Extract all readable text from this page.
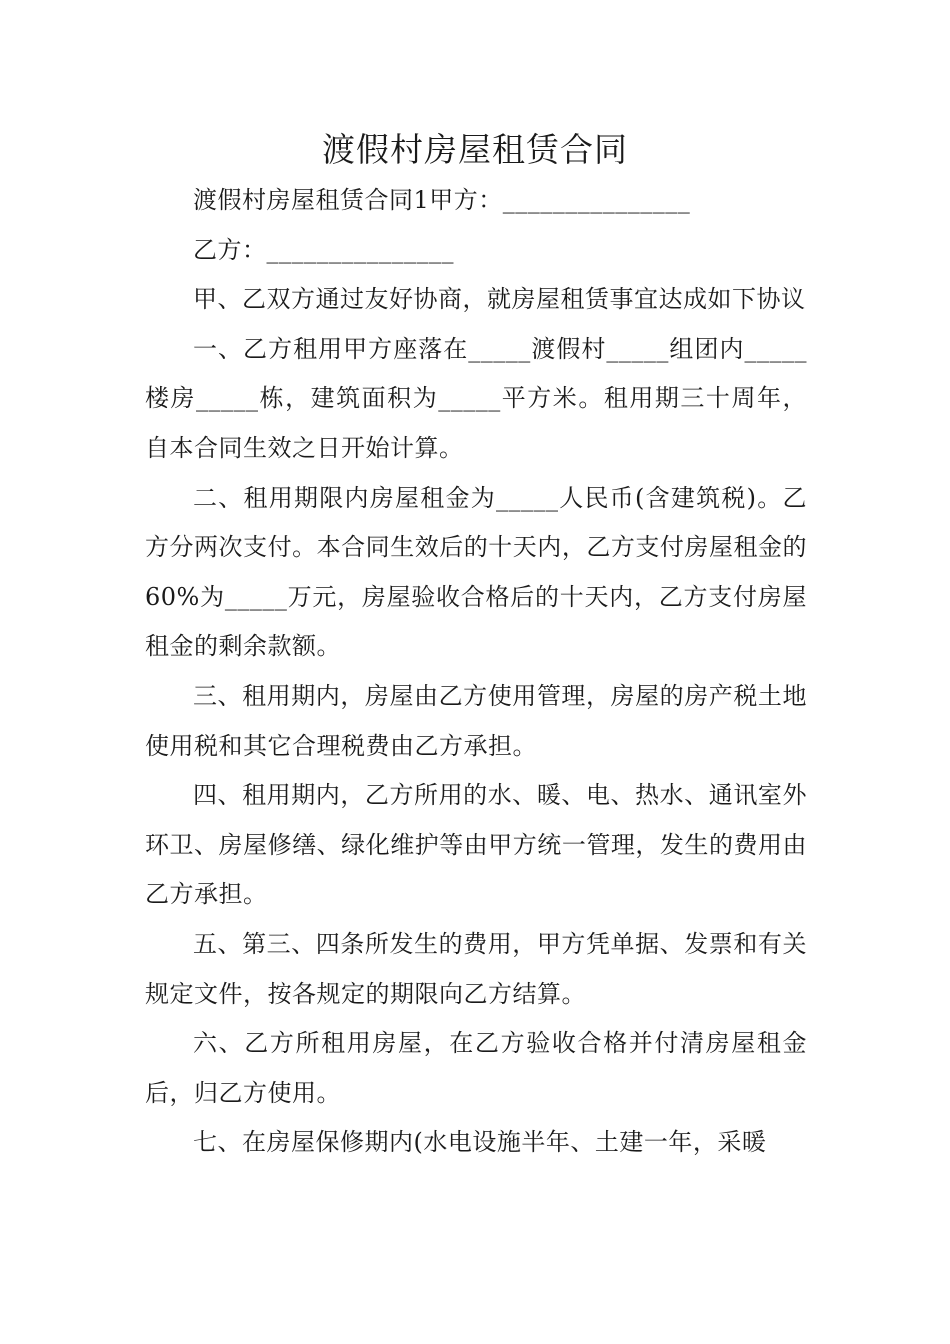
渡假村房屋租赁合同

渡假村房屋租赁合同1甲方：_______________

乙方：_______________

甲、乙双方通过友好协商，就房屋租赁事宜达成如下协议

一、乙方租用甲方座落在_____渡假村_____组团内_____楼房_____栋，建筑面积为_____平方米。租用期三十周年，自本合同生效之日开始计算。

二、租用期限内房屋租金为_____人民币(含建筑税)。乙方分两次支付。本合同生效后的十天内，乙方支付房屋租金的60%为_____万元，房屋验收合格后的十天内，乙方支付房屋租金的剩余款额。

三、租用期内，房屋由乙方使用管理，房屋的房产税土地使用税和其它合理税费由乙方承担。

四、租用期内，乙方所用的水、暖、电、热水、通讯室外环卫、房屋修缮、绿化维护等由甲方统一管理，发生的费用由乙方承担。

五、第三、四条所发生的费用，甲方凭单据、发票和有关规定文件，按各规定的期限向乙方结算。

六、乙方所租用房屋，在乙方验收合格并付清房屋租金后，归乙方使用。

七、在房屋保修期内(水电设施半年、土建一年，采暖
